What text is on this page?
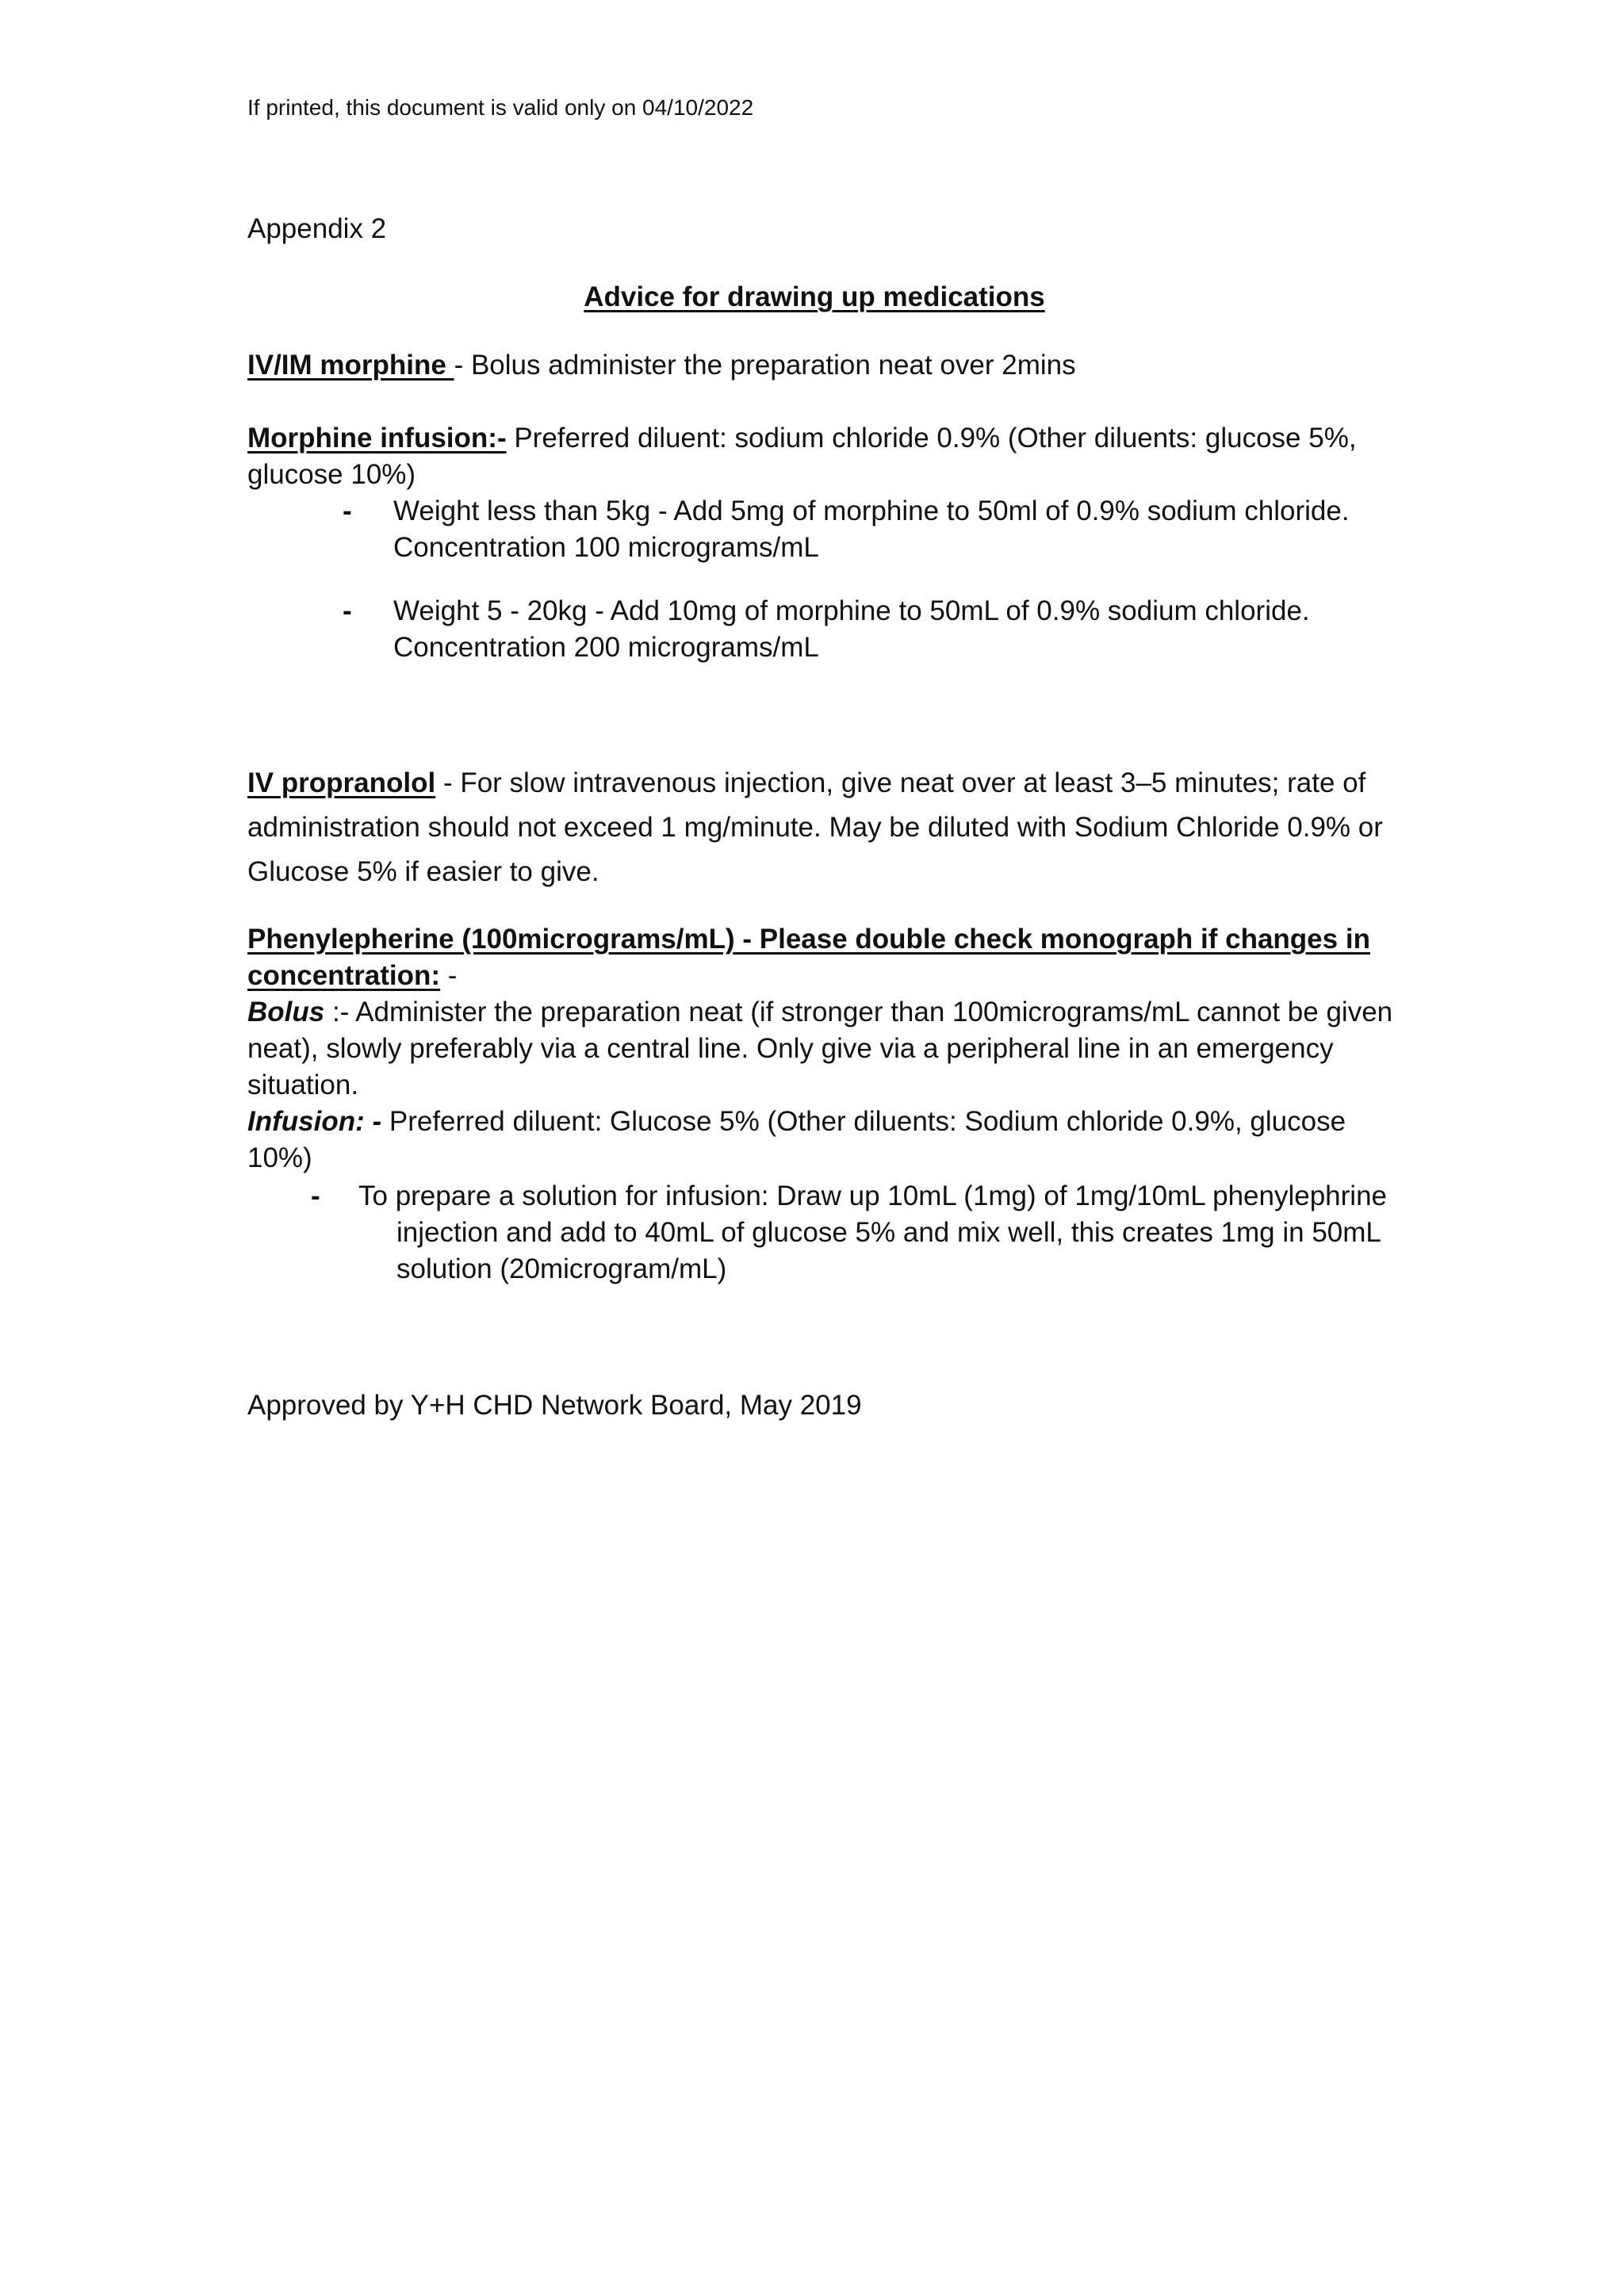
If printed, this document is valid only on 04/10/2022
Appendix 2
Advice for drawing up medications
IV/IM morphine - Bolus administer the preparation neat over 2mins
Morphine infusion:- Preferred diluent: sodium chloride 0.9% (Other diluents: glucose 5%, glucose 10%)
- Weight less than 5kg - Add 5mg of morphine to 50ml of 0.9% sodium chloride. Concentration 100 micrograms/mL
- Weight 5 - 20kg - Add 10mg of morphine to 50mL of 0.9% sodium chloride. Concentration 200 micrograms/mL
IV propranolol - For slow intravenous injection, give neat over at least 3–5 minutes; rate of administration should not exceed 1 mg/minute. May be diluted with Sodium Chloride 0.9% or Glucose 5% if easier to give.
Phenylepherine (100micrograms/mL) - Please double check monograph if changes in concentration: -
Bolus :- Administer the preparation neat (if stronger than 100micrograms/mL cannot be given neat), slowly preferably via a central line. Only give via a peripheral line in an emergency situation.
Infusion: - Preferred diluent: Glucose 5% (Other diluents: Sodium chloride 0.9%, glucose 10%)
- To prepare a solution for infusion: Draw up 10mL (1mg) of 1mg/10mL phenylephrine injection and add to 40mL of glucose 5% and mix well, this creates 1mg in 50mL solution (20microgram/mL)
Approved by Y+H CHD Network Board, May 2019
